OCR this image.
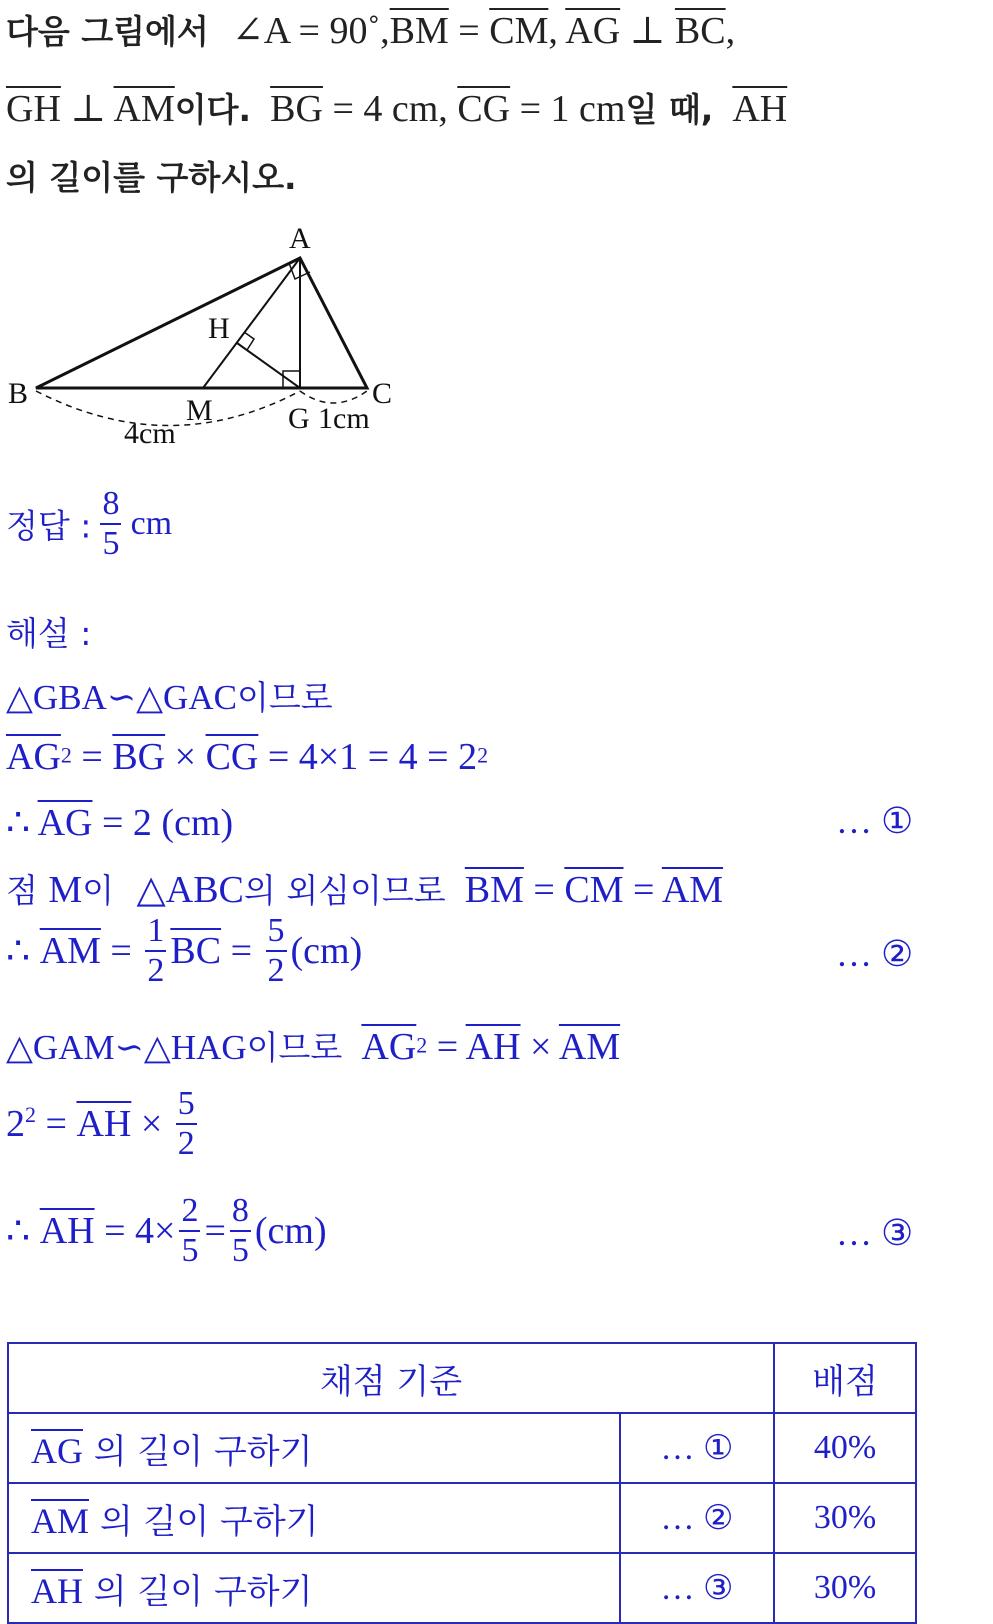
다음 그림에서 ∠A = $90˚,\overline{BM} = \overline{CM}$, $\overline{AG}$ ⊥ $\overline{BC}$,
$\overline{GH}$ ⊥ $\overline{AM}$이다. $\overline{BG} = 4$ cm, $\overline{CG} = 1$ cm일 때, $\overline{AH}$
의 길이를 구하시오.
A
B	C
H
M	G
4cm	1cm
정답 : $\frac{8}{5}$ cm
해설 :
△GBA∽△GAC이므로
$\overline{AG}^2 = \overline{BG} \times \overline{CG} = 4\times 1 = 4 = 2^2$
∴ $\overline{AG} = 2$ (cm)	… ①
점 M이 △ABC의 외심이므로 $\overline{BM} = \overline{CM} = \overline{AM}$
∴ $\overline{AM} = \frac{1}{2} \overline{BC} = \frac{5}{2} (cm)$	… ②
△GAM∽△HAG이므로 $\overline{AG}^2 = \overline{AH} \times \overline{AM}$
$2^2 = \overline{AH} \times \frac{5}{2}$
∴ $\overline{AH} = 4\times \frac{2}{5} = \frac{8}{5} (cm)$	… ③
채점 기준		배점
$\overline{AG}$ 의 길이 구하기	… ①	40%
$\overline{AM}$ 의 길이 구하기	… ②	30%
$\overline{AH}$ 의 길이 구하기	… ③	30%
